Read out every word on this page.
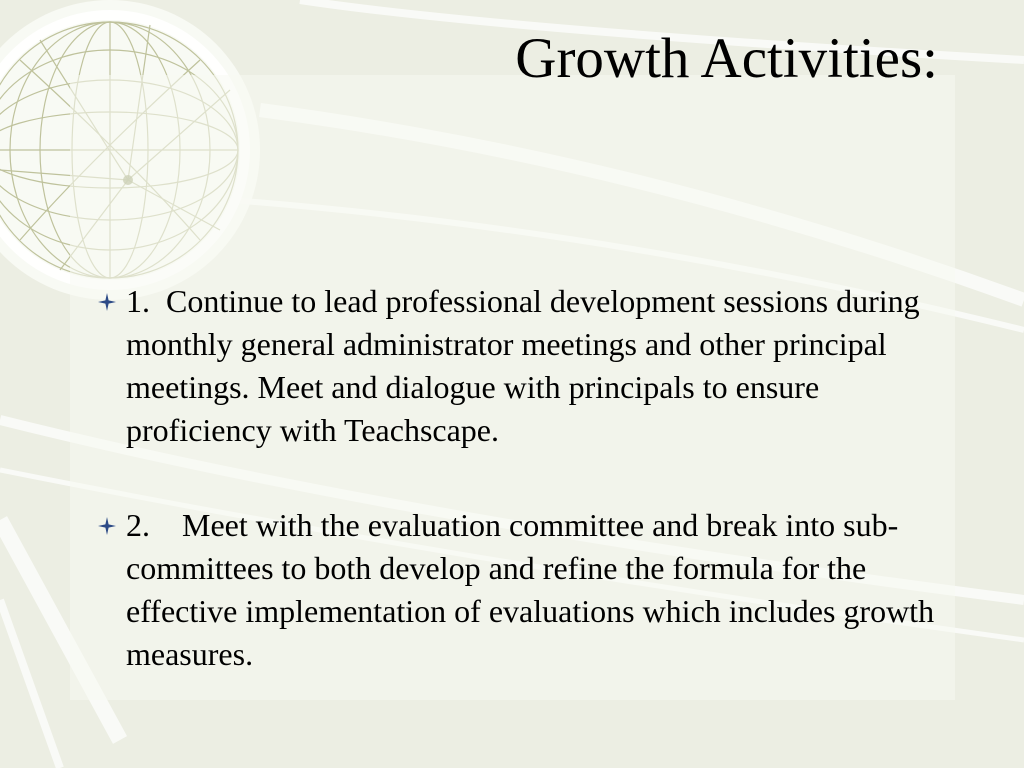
Growth Activities:
1.  Continue to lead professional development sessions during monthly general administrator meetings and other principal meetings. Meet and dialogue with principals to ensure proficiency with Teachscape.
2.    Meet with the evaluation committee and break into sub-committees to both develop and refine the formula for the effective implementation of evaluations which includes growth measures.
